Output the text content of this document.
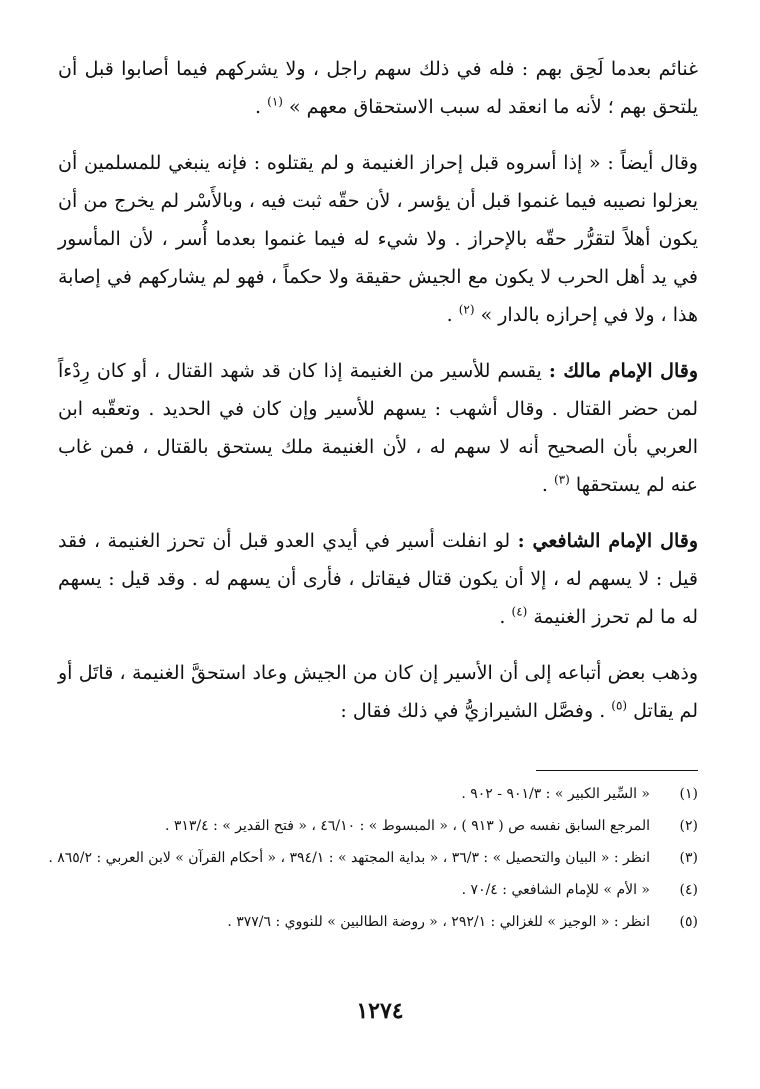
غنائم بعدما لَحِق بهم : فله في ذلك سهم راجل ، ولا يشركهم فيما أصابوا قبل أن يلتحق بهم ؛ لأنه ما انعقد له سبب الاستحقاق معهم » $^{(١)}$ .

وقال أيضاً : « إذا أسروه قبل إحراز الغنيمة و لم يقتلوه : فإنه ينبغي للمسلمين أن يعزلوا نصيبه فيما غنموا قبل أن يؤسر ، لأن حقّه ثبت فيه ، وبالأَسْر لم يخرج من أن يكون أهلاً لتقرُّر حقّه بالإحراز . ولا شيء له فيما غنموا بعدما أُسر ، لأن المأسور في يد أهل الحرب لا يكون مع الجيش حقيقة ولا حكماً ، فهو لم يشاركهم في إصابة هذا ، ولا في إحرازه بالدار » $^{(٢)}$ .

وقال الإمام مالك : يقسم للأسير من الغنيمة إذا كان قد شهد القتال ، أو كان رِدْءاً لمن حضر القتال . وقال أشهب : يسهم للأسير وإن كان في الحديد . وتعقّبه ابن العربي بأن الصحيح أنه لا سهم له ، لأن الغنيمة ملك يستحق بالقتال ، فمن غاب عنه لم يستحقها $^{(٣)}$ .

وقال الإمام الشافعي : لو انفلت أسير في أيدي العدو قبل أن تحرز الغنيمة ، فقد قيل : لا يسهم له ، إلا أن يكون قتال فيقاتل ، فأرى أن يسهم له . وقد قيل : يسهم له ما لم تحرز الغنيمة $^{(٤)}$ .

وذهب بعض أتباعه إلى أن الأسير إن كان من الجيش وعاد استحقَّ الغنيمة ، قاتَل أو لم يقاتل $^{(٥)}$ . وفصَّل الشيرازيُّ في ذلك فقال :

(١)
« السِّير الكبير » : ٩٠١/٣ - ٩٠٢ .
(٢)
المرجع السابق نفسه ص ( ٩١٣ ) ، « المبسوط » : ٤٦/١٠ ، « فتح القدير » : ٣١٣/٤ .
(٣)
انظر : « البيان والتحصيل » : ٣٦/٣ ، « بداية المجتهد » : ٣٩٤/١ ، « أحكام القرآن » لابن العربي : ٨٦٥/٢ .
(٤)
« الأم » للإمام الشافعي : ٧٠/٤ .
(٥)
انظر : « الوجيز » للغزالي : ٢٩٢/١ ، « روضة الطالبين » للنووي : ٣٧٧/٦ .
١٢٧٤
